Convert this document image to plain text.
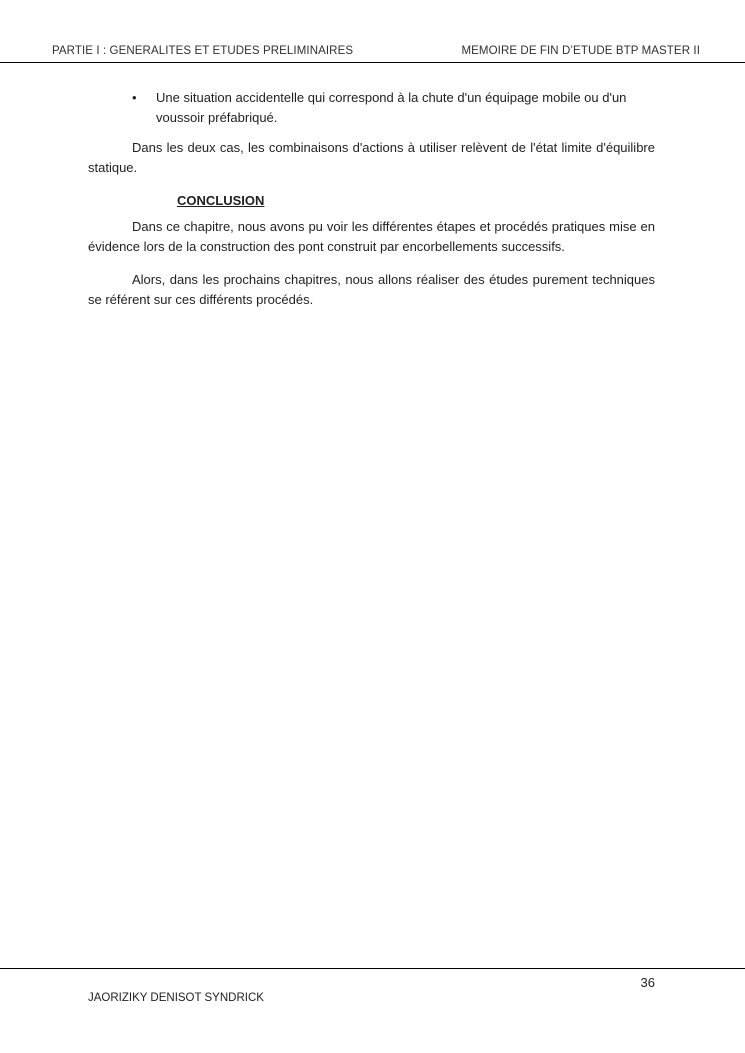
PARTIE I : GENERALITES ET ETUDES PRELIMINAIRES	MEMOIRE DE FIN D’ETUDE BTP MASTER II
• Une situation accidentelle qui correspond à la chute d'un équipage mobile ou d'un voussoir préfabriqué.

Dans les deux cas, les combinaisons d'actions à utiliser relèvent de l'état limite d'équilibre statique.

CONCLUSION

Dans ce chapitre, nous avons pu voir les différentes étapes et procédés pratiques mise en évidence lors de la construction des pont construit par encorbellements successifs.

Alors, dans les prochains chapitres, nous allons réaliser des études purement techniques se référent sur ces différents procédés.

36
JAORIZIKY DENISOT SYNDRICK
